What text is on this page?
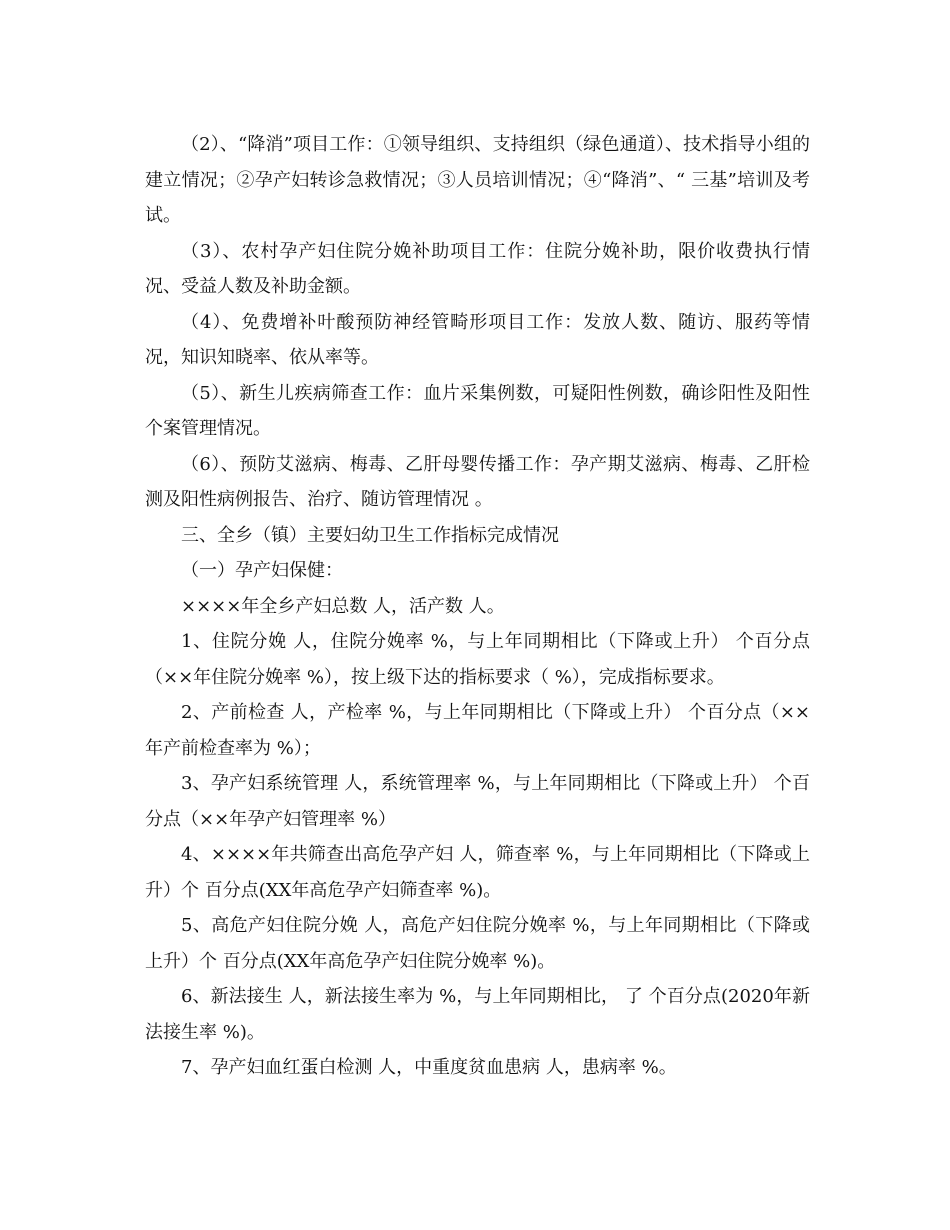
（2）、“降消”项目工作：①领导组织、支持组织（绿色通道）、技术指导小组的建立情况；②孕产妇转诊急救情况；③人员培训情况；④“降消”、“ 三基”培训及考试。

（3）、农村孕产妇住院分娩补助项目工作：住院分娩补助，限价收费执行情况、受益人数及补助金额。

（4）、免费增补叶酸预防神经管畸形项目工作：发放人数、随访、服药等情况，知识知晓率、依从率等。

（5）、新生儿疾病筛查工作：血片采集例数，可疑阳性例数，确诊阳性及阳性个案管理情况。

（6）、预防艾滋病、梅毒、乙肝母婴传播工作：孕产期艾滋病、梅毒、乙肝检测及阳性病例报告、治疗、随访管理情况 。

三、全乡（镇）主要妇幼卫生工作指标完成情况

（一）孕产妇保健：

××××年全乡产妇总数 人，活产数 人。

1、住院分娩 人，住院分娩率 %，与上年同期相比（下降或上升） 个百分点（××年住院分娩率 %），按上级下达的指标要求（ %），完成指标要求。

2、产前检查 人，产检率 %，与上年同期相比（下降或上升） 个百分点（××年产前检查率为 %）；

3、孕产妇系统管理 人，系统管理率 %，与上年同期相比（下降或上升） 个百分点（××年孕产妇管理率 %）

4、××××年共筛查出高危孕产妇 人，筛查率 %，与上年同期相比（下降或上升）个 百分点(XX年高危孕产妇筛查率 %)。

5、高危产妇住院分娩 人，高危产妇住院分娩率 %，与上年同期相比（下降或上升）个 百分点(XX年高危孕产妇住院分娩率 %)。

6、新法接生 人，新法接生率为 %，与上年同期相比， 了 个百分点(2020年新法接生率 %)。

7、孕产妇血红蛋白检测 人，中重度贫血患病 人，患病率 %。
